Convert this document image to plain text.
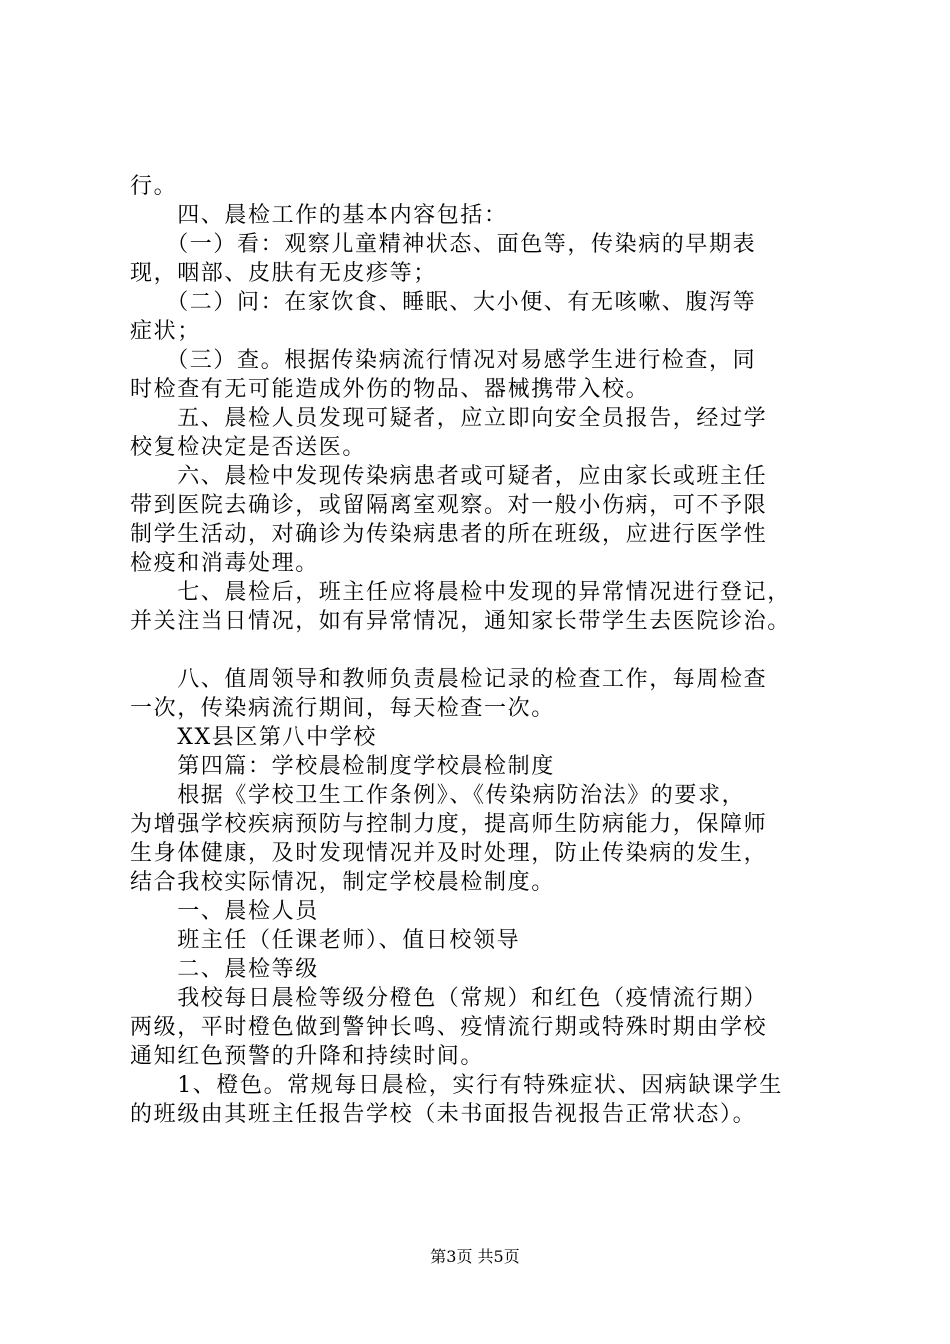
行。
　　四、晨检工作的基本内容包括：
　　（一）看：观察儿童精神状态、面色等，传染病的早期表
现，咽部、皮肤有无皮疹等；
　　（二）问：在家饮食、睡眠、大小便、有无咳嗽、腹泻等
症状；
　　（三）查。根据传染病流行情况对易感学生进行检查，同
时检查有无可能造成外伤的物品、器械携带入校。
　　五、晨检人员发现可疑者，应立即向安全员报告，经过学
校复检决定是否送医。
　　六、晨检中发现传染病患者或可疑者，应由家长或班主任
带到医院去确诊，或留隔离室观察。对一般小伤病，可不予限
制学生活动，对确诊为传染病患者的所在班级，应进行医学性
检疫和消毒处理。
　　七、晨检后，班主任应将晨检中发现的异常情况进行登记，
并关注当日情况，如有异常情况，通知家长带学生去医院诊治。
　　八、值周领导和教师负责晨检记录的检查工作，每周检查
一次，传染病流行期间，每天检查一次。
　　XX县区第八中学校
　　第四篇：学校晨检制度学校晨检制度
　　根据《学校卫生工作条例》、《传染病防治法》的要求，
为增强学校疾病预防与控制力度，提高师生防病能力，保障师
生身体健康，及时发现情况并及时处理，防止传染病的发生，
结合我校实际情况，制定学校晨检制度。
　　一、晨检人员
　　班主任（任课老师）、值日校领导
　　二、晨检等级
　　我校每日晨检等级分橙色（常规）和红色（疫情流行期）
两级，平时橙色做到警钟长鸣、疫情流行期或特殊时期由学校
通知红色预警的升降和持续时间。
　　1、橙色。常规每日晨检，实行有特殊症状、因病缺课学生
的班级由其班主任报告学校（未书面报告视报告正常状态）。
第3页 共5页
